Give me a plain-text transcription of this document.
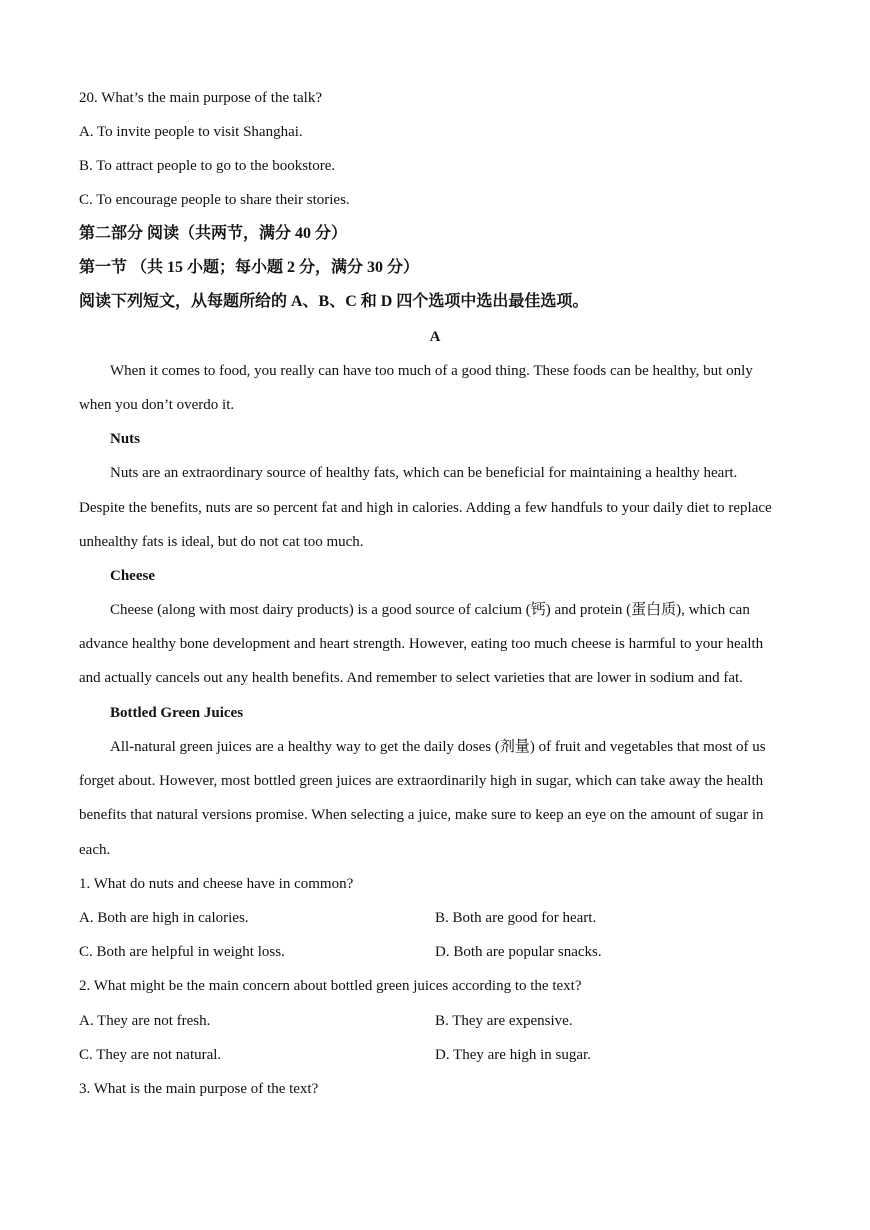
20. What’s the main purpose of the talk?
A. To invite people to visit Shanghai.
B. To attract people to go to the bookstore.
C. To encourage people to share their stories.
第二部分 阅读（共两节，满分 40 分）
第一节 （共 15 小题；每小题 2 分，满分 30 分）
阅读下列短文，从每题所给的 A、B、C 和 D 四个选项中选出最佳选项。
A
When it comes to food, you really can have too much of a good thing. These foods can be healthy, but only
when you don’t overdo it.
Nuts
Nuts are an extraordinary source of healthy fats, which can be beneficial for maintaining a healthy heart.
Despite the benefits, nuts are so percent fat and high in calories. Adding a few handfuls to your daily diet to replace
unhealthy fats is ideal, but do not cat too much.
Cheese
Cheese (along with most dairy products) is a good source of calcium (钙) and protein (蛋白质), which can
advance healthy bone development and heart strength. However, eating too much cheese is harmful to your health
and actually cancels out any health benefits. And remember to select varieties that are lower in sodium and fat.
Bottled Green Juices
All-natural green juices are a healthy way to get the daily doses (剂量) of fruit and vegetables that most of us
forget about. However, most bottled green juices are extraordinarily high in sugar, which can take away the health
benefits that natural versions promise. When selecting a juice, make sure to keep an eye on the amount of sugar in
each.
1. What do nuts and cheese have in common?
A. Both are high in calories.	B. Both are good for heart.
C. Both are helpful in weight loss.	D. Both are popular snacks.
2. What might be the main concern about bottled green juices according to the text?
A. They are not fresh.	B. They are expensive.
C. They are not natural.	D. They are high in sugar.
3. What is the main purpose of the text?
